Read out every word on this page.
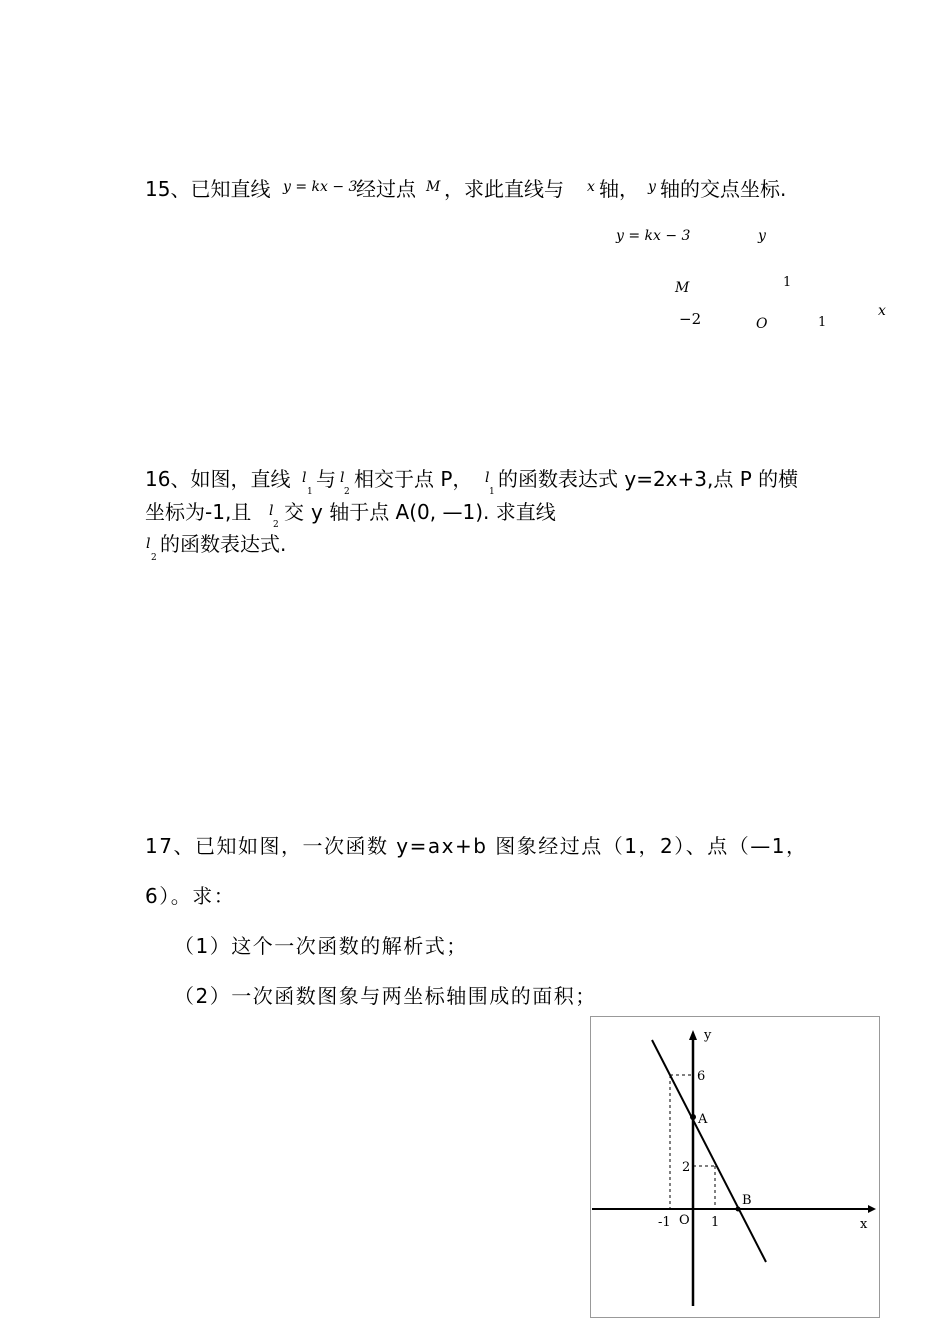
15、已知直线 y = kx − 3
经过点 M ，求此直线与 x 轴， y 轴的交点坐标.
y = kx − 3	y
1
M
−2	O	1
x
16、如图，直线 l 与 l 相交于点 P， l 的函数表达式 y=2x+3,点 P 的横
坐标为-1,且 l
1	2
交
2
y 轴于点 A(0, —1). 求直线
1
l 的函数表达式.
2
17、已知如图，一次函数 y=ax+b 图象经过点（1，2）、点（—1，
6）。求：
（1）这个一次函数的解析式；
（2）一次函数图象与两坐标轴围成的面积；
y
x
6
2
A
B
-1 O 1
